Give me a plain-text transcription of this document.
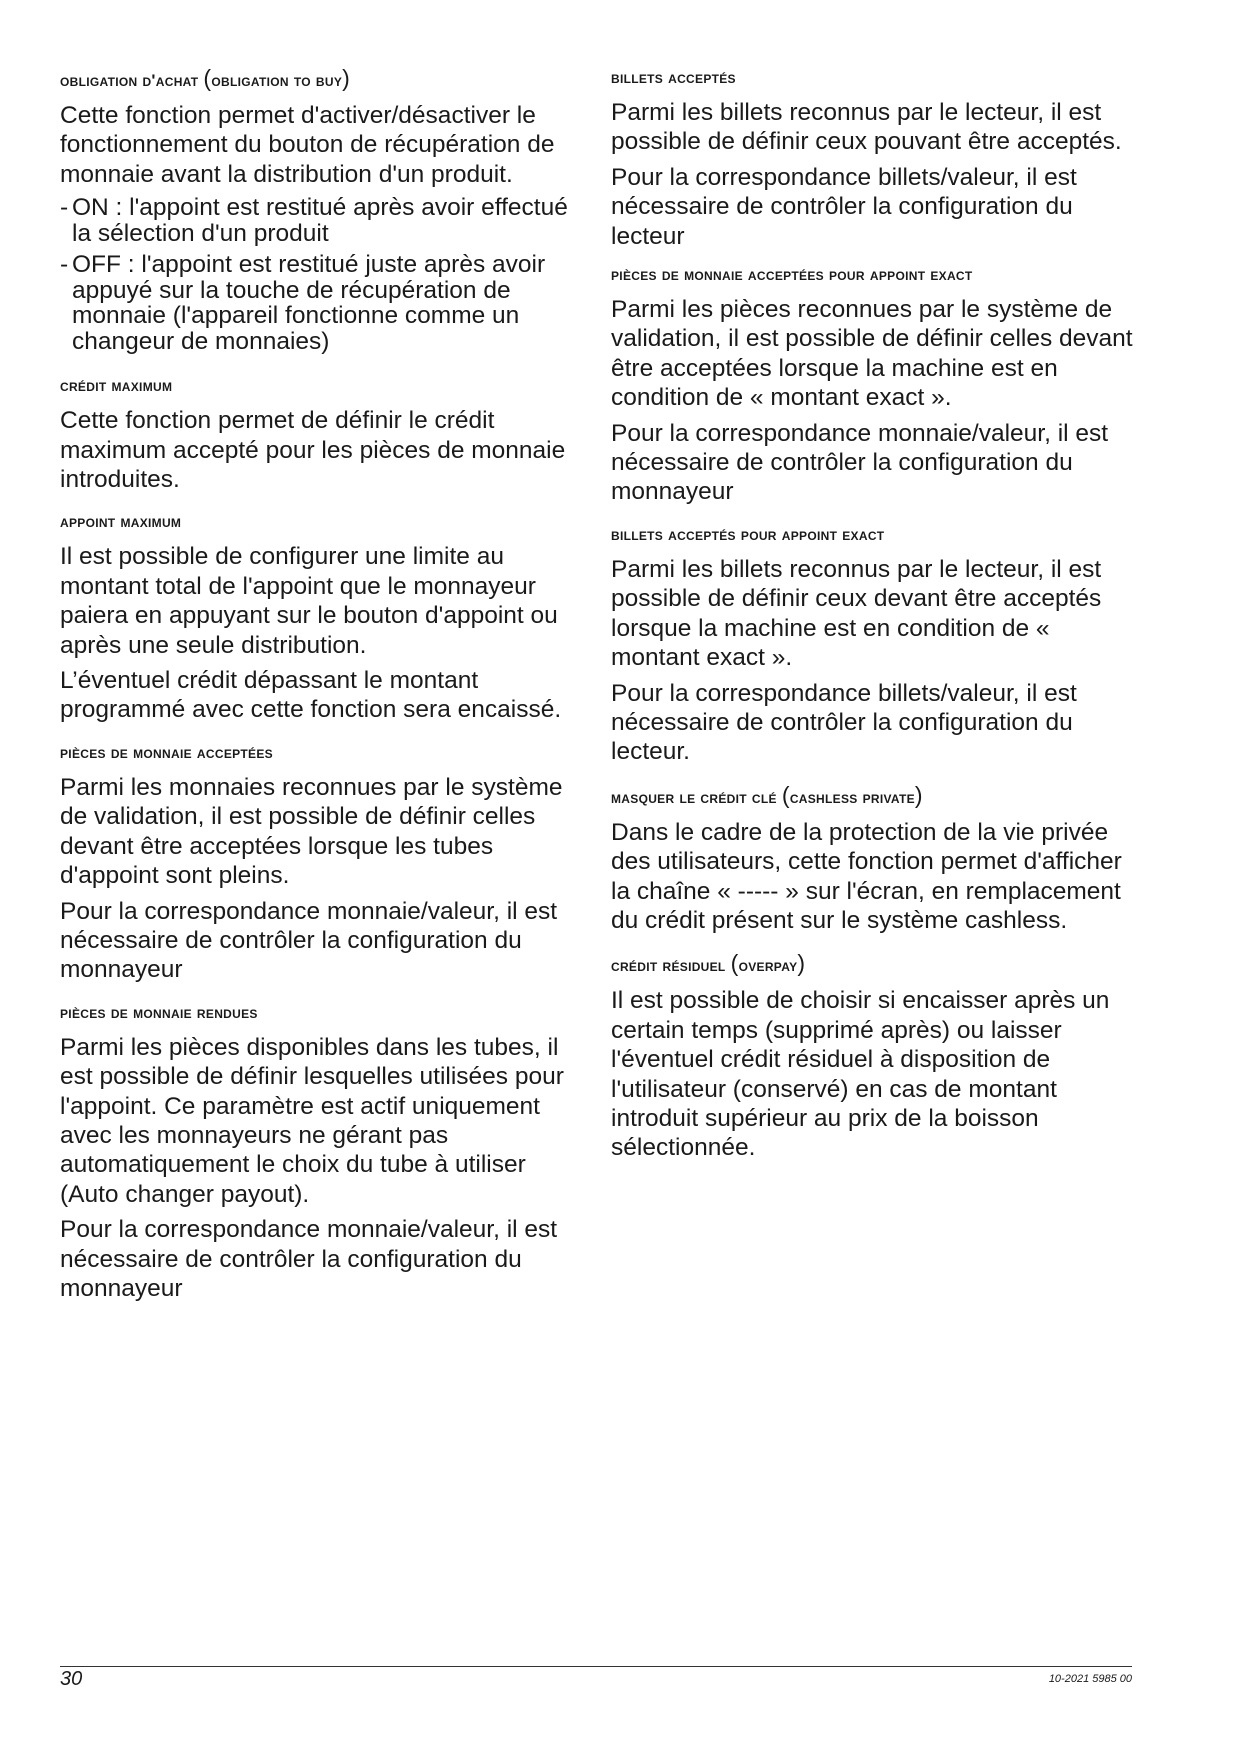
obligation d'achat (obligation to buy)
Cette fonction permet d'activer/désactiver le fonctionnement du bouton de récupération de monnaie avant la distribution d'un produit.
- ON : l'appoint est restitué après avoir effectué la sélection d'un produit
- OFF : l'appoint est restitué juste après avoir appuyé sur la touche de récupération de monnaie (l'appareil fonctionne comme un changeur de monnaies)
crédit maximum
Cette fonction permet de définir le crédit maximum accepté pour les pièces de monnaie introduites.
appoint maximum
Il est possible de configurer une limite au montant total de l'appoint que le monnayeur paiera en appuyant sur le bouton d'appoint ou après une seule distribution.
L’éventuel crédit dépassant le montant programmé avec cette fonction sera encaissé.
pièces de monnaie acceptées
Parmi les monnaies reconnues par le système de validation, il est possible de définir celles devant être acceptées lorsque les tubes d'appoint sont pleins.
Pour la correspondance monnaie/valeur, il est nécessaire de contrôler la configuration du monnayeur
pièces de monnaie rendues
Parmi les pièces disponibles dans les tubes, il est possible de définir lesquelles utilisées pour l'appoint. Ce paramètre est actif uniquement avec les monnayeurs ne gérant pas automatiquement le choix du tube à utiliser (Auto changer payout).
Pour la correspondance monnaie/valeur, il est nécessaire de contrôler la configuration du monnayeur
billets acceptés
Parmi les billets reconnus par le lecteur, il est possible de définir ceux pouvant être acceptés.
Pour la correspondance billets/valeur, il est nécessaire de contrôler la configuration du lecteur
pièces de monnaie acceptées pour appoint exact
Parmi les pièces reconnues par le système de validation, il est possible de définir celles devant être acceptées lorsque la machine est en condition de « montant exact ».
Pour la correspondance monnaie/valeur, il est nécessaire de contrôler la configuration du monnayeur
billets acceptés pour appoint exact
Parmi les billets reconnus par le lecteur, il est possible de définir ceux devant être acceptés lorsque la machine est en condition de « montant exact ».
Pour la correspondance billets/valeur, il est nécessaire de contrôler la configuration du lecteur.
masquer le crédit clé (cashless private)
Dans le cadre de la protection de la vie privée des utilisateurs, cette fonction permet d'afficher la chaîne « ----- » sur l'écran, en remplacement du crédit présent sur le système cashless.
crédit résiduel (overpay)
Il est possible de choisir si encaisser après un certain temps (supprimé après) ou laisser l'éventuel crédit résiduel à disposition de l'utilisateur (conservé) en cas de montant introduit supérieur au prix de la boisson sélectionnée.
30	10-2021 5985 00
